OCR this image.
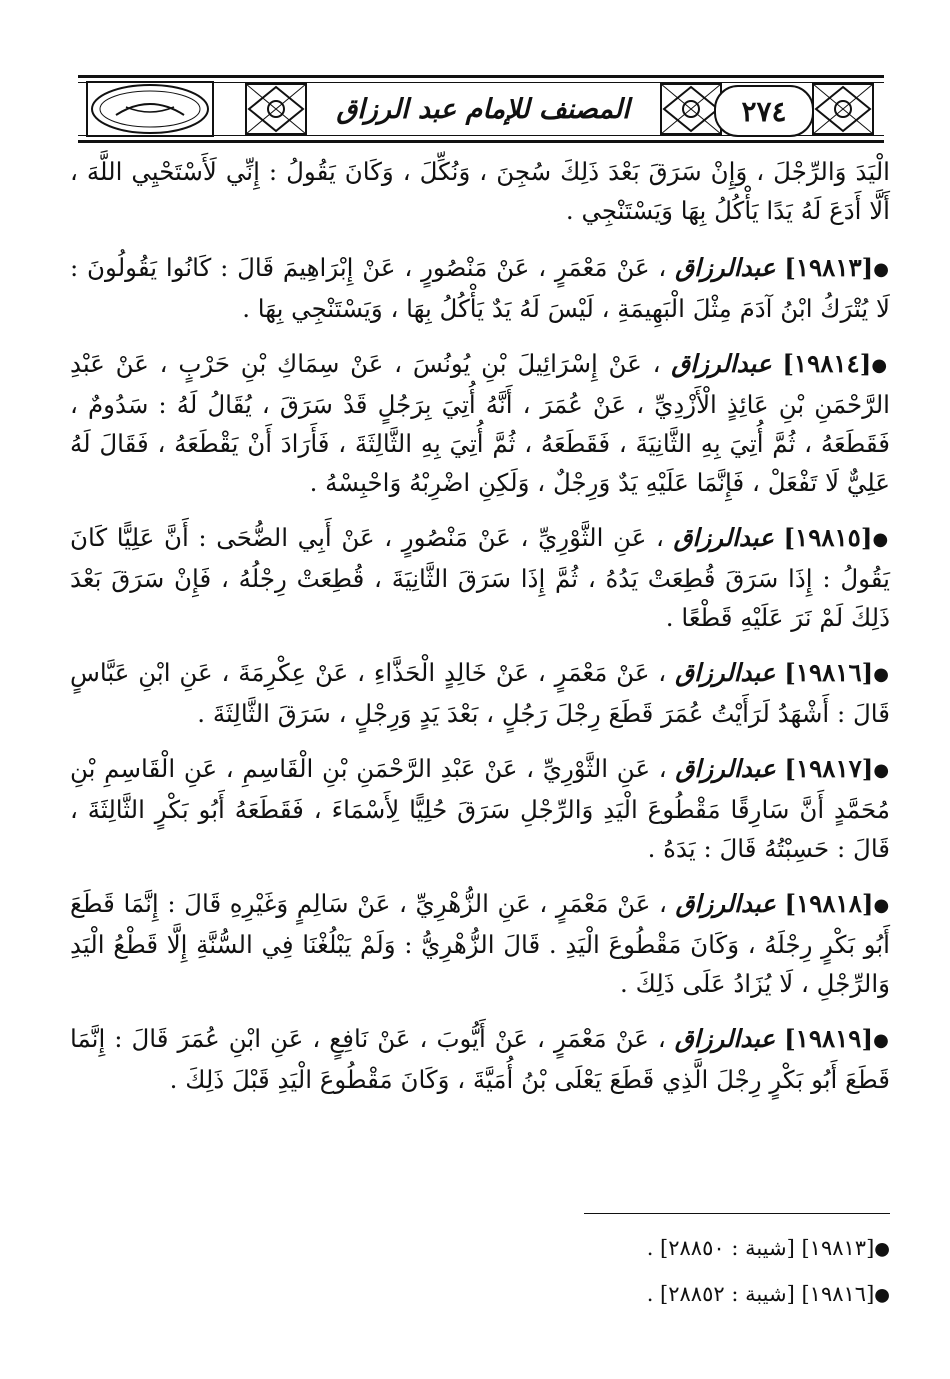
المصنف للإمام عبد الرزاق	٢٧٤

الْيَدَ وَالرِّجْلَ ، وَإِنْ سَرَقَ بَعْدَ ذَلِكَ سُجِنَ ، وَنُكِّلَ ، وَكَانَ يَقُولُ : إِنِّي لَأَسْتَحْيِي اللَّهَ ، أَلَّا أَدَعَ لَهُ يَدًا يَأْكُلُ بِهَا وَيَسْتَنْجِي .

●[١٩٨١٣] عبدالرزاق ، عَنْ مَعْمَرٍ ، عَنْ مَنْصُورٍ ، عَنْ إِبْرَاهِيمَ قَالَ : كَانُوا يَقُولُونَ : لَا يُتْرَكُ ابْنُ آدَمَ مِثْلَ الْبَهِيمَةِ ، لَيْسَ لَهُ يَدٌ يَأْكُلُ بِهَا ، وَيَسْتَنْجِي بِهَا .

●[١٩٨١٤] عبدالرزاق ، عَنْ إِسْرَائِيلَ بْنِ يُونُسَ ، عَنْ سِمَاكِ بْنِ حَرْبٍ ، عَنْ عَبْدِ الرَّحْمَنِ بْنِ عَائِذٍ الْأَزْدِيِّ ، عَنْ عُمَرَ ، أَنَّهُ أُتِيَ بِرَجُلٍ قَدْ سَرَقَ ، يُقَالُ لَهُ : سَدُومٌ ، فَقَطَعَهُ ، ثُمَّ أُتِيَ بِهِ الثَّانِيَةَ ، فَقَطَعَهُ ، ثُمَّ أُتِيَ بِهِ الثَّالِثَةَ ، فَأَرَادَ أَنْ يَقْطَعَهُ ، فَقَالَ لَهُ عَلِيٌّ لَا تَفْعَلْ ، فَإِنَّمَا عَلَيْهِ يَدٌ وَرِجْلٌ ، وَلَكِنِ اضْرِبْهُ وَاحْبِسْهُ .

●[١٩٨١٥] عبدالرزاق ، عَنِ الثَّوْرِيِّ ، عَنْ مَنْصُورٍ ، عَنْ أَبِي الضُّحَى : أَنَّ عَلِيًّا كَانَ يَقُولُ : إِذَا سَرَقَ قُطِعَتْ يَدُهُ ، ثُمَّ إِذَا سَرَقَ الثَّانِيَةَ ، قُطِعَتْ رِجْلُهُ ، فَإِنْ سَرَقَ بَعْدَ ذَلِكَ لَمْ نَرَ عَلَيْهِ قَطْعًا .

●[١٩٨١٦] عبدالرزاق ، عَنْ مَعْمَرٍ ، عَنْ خَالِدٍ الْحَذَّاءِ ، عَنْ عِكْرِمَةَ ، عَنِ ابْنِ عَبَّاسٍ قَالَ : أَشْهَدُ لَرَأَيْتُ عُمَرَ قَطَعَ رِجْلَ رَجُلٍ ، بَعْدَ يَدٍ وَرِجْلٍ ، سَرَقَ الثَّالِثَةَ .

●[١٩٨١٧] عبدالرزاق ، عَنِ الثَّوْرِيِّ ، عَنْ عَبْدِ الرَّحْمَنِ بْنِ الْقَاسِمِ ، عَنِ الْقَاسِمِ بْنِ مُحَمَّدٍ أَنَّ سَارِقًا مَقْطُوعَ الْيَدِ وَالرِّجْلِ سَرَقَ حُلِيًّا لِأَسْمَاءَ ، فَقَطَعَهُ أَبُو بَكْرٍ الثَّالِثَةَ ، قَالَ : حَسِبْتُهُ قَالَ : يَدَهُ .

●[١٩٨١٨] عبدالرزاق ، عَنْ مَعْمَرٍ ، عَنِ الزُّهْرِيِّ ، عَنْ سَالِمٍ وَغَيْرِهِ قَالَ : إِنَّمَا قَطَعَ أَبُو بَكْرٍ رِجْلَهُ ، وَكَانَ مَقْطُوعَ الْيَدِ . قَالَ الزُّهْرِيُّ : وَلَمْ يَبْلُغْنَا فِي السُّنَّةِ إِلَّا قَطْعُ الْيَدِ وَالرِّجْلِ ، لَا يُزَادُ عَلَى ذَلِكَ .

●[١٩٨١٩] عبدالرزاق ، عَنْ مَعْمَرٍ ، عَنْ أَيُّوبَ ، عَنْ نَافِعٍ ، عَنِ ابْنِ عُمَرَ قَالَ : إِنَّمَا قَطَعَ أَبُو بَكْرٍ رِجْلَ الَّذِي قَطَعَ يَعْلَى بْنُ أُمَيَّةَ ، وَكَانَ مَقْطُوعَ الْيَدِ قَبْلَ ذَلِكَ .

●[١٩٨١٣] [شيبة : ٢٨٨٥٠] .
●[١٩٨١٦] [شيبة : ٢٨٨٥٢] .
